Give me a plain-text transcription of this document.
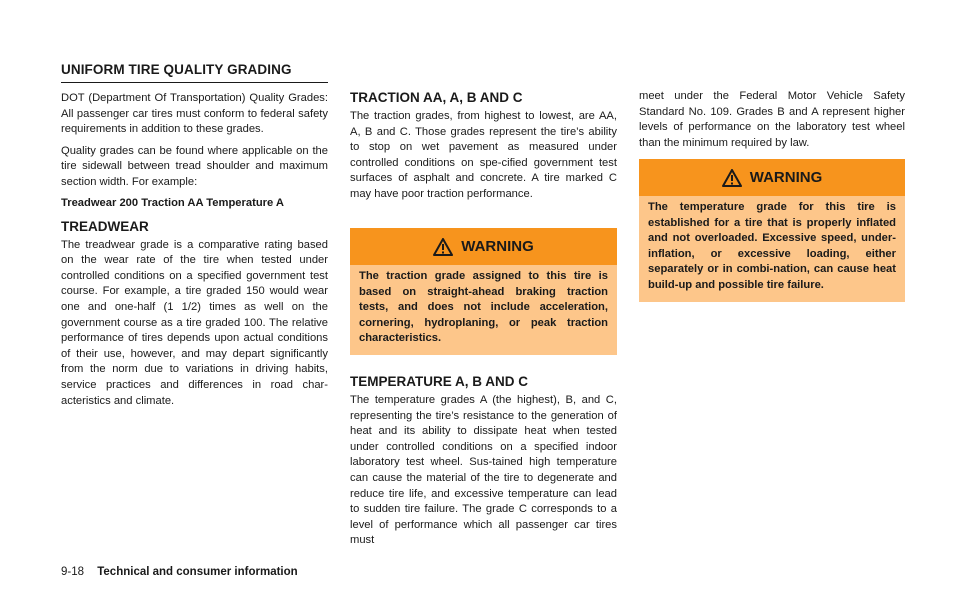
UNIFORM TIRE QUALITY GRADING

DOT (Department Of Transportation) Quality Grades: All passenger car tires must conform to federal safety requirements in addition to these grades.

Quality grades can be found where applicable on the tire sidewall between tread shoulder and maximum section width. For example:

Treadwear 200 Traction AA Temperature A

TREADWEAR

The treadwear grade is a comparative rating based on the wear rate of the tire when tested under controlled conditions on a specified government test course. For example, a tire graded 150 would wear one and one-half (1 1/2) times as well on the government course as a tire graded 100. The relative performance of tires depends upon actual conditions of their use, however, and may depart significantly from the norm due to variations in driving habits, service practices and differences in road char-acteristics and climate.

TRACTION AA, A, B AND C

The traction grades, from highest to lowest, are AA, A, B and C. Those grades represent the tire’s ability to stop on wet pavement as measured under controlled conditions on spe-cified government test surfaces of asphalt and concrete. A tire marked C may have poor traction performance.

WARNING
The traction grade assigned to this tire is based on straight-ahead braking traction tests, and does not include acceleration, cornering, hydroplaning, or peak traction characteristics.
TEMPERATURE A, B AND C

The temperature grades A (the highest), B, and C, representing the tire’s resistance to the generation of heat and its ability to dissipate heat when tested under controlled conditions on a specified indoor laboratory test wheel. Sus-tained high temperature can cause the material of the tire to degenerate and reduce tire life, and excessive temperature can lead to sudden tire failure. The grade C corresponds to a level of performance which all passenger car tires must

meet under the Federal Motor Vehicle Safety Standard No. 109. Grades B and A represent higher levels of performance on the laboratory test wheel than the minimum required by law.

WARNING
The temperature grade for this tire is established for a tire that is properly inflated and not overloaded. Excessive speed, under-inflation, or excessive loading, either separately or in combi-nation, can cause heat build-up and possible tire failure.
9-18 Technical and consumer information
